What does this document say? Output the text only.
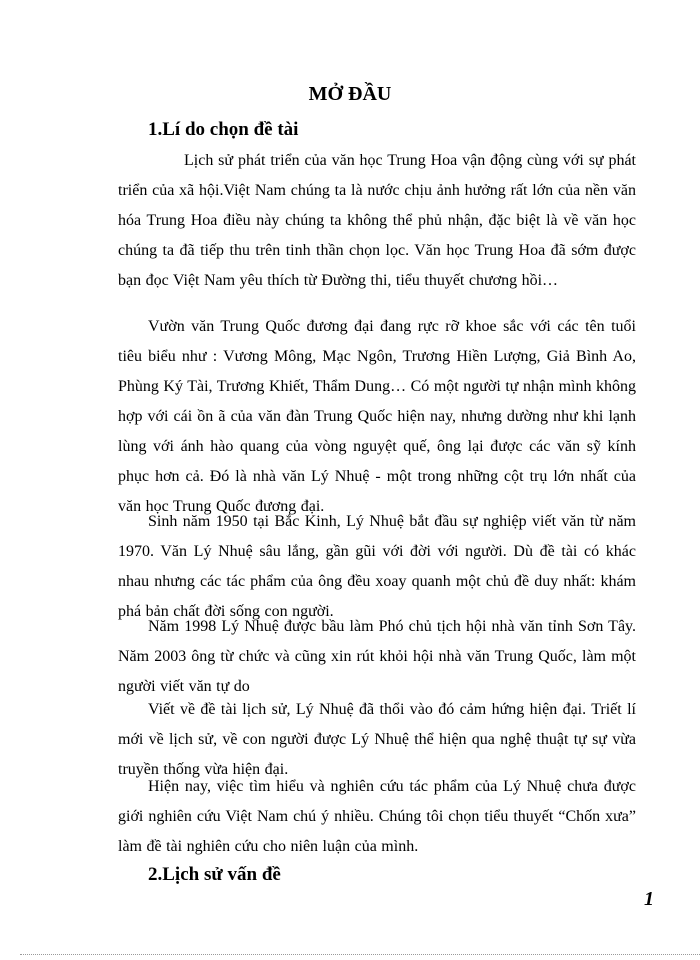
MỞ ĐẦU
1.Lí do chọn đề tài

Lịch sử phát triển của văn học Trung Hoa vận động cùng với sự phát triển của xã hội.Việt Nam chúng ta là nước chịu ảnh hưởng rất lớn của nền văn hóa Trung Hoa điều này chúng ta không thể phủ nhận, đặc biệt là về văn học chúng ta đã tiếp thu trên tinh thần chọn lọc. Văn học Trung Hoa đã sớm được bạn đọc Việt Nam yêu thích từ Đường thi, tiểu thuyết chương hồi…

Vườn văn Trung Quốc đương đại đang rực rỡ khoe sắc với các tên tuổi tiêu biểu như : Vương Mông, Mạc Ngôn, Trương Hiền Lượng, Giả Bình Ao, Phùng Ký Tài, Trương Khiết, Thẩm Dung… Có một người tự nhận mình không hợp với cái ồn ã của văn đàn Trung Quốc hiện nay, nhưng dường như khi lạnh lùng với ánh hào quang của vòng nguyệt quế, ông lại được các văn sỹ kính phục hơn cả. Đó là nhà văn Lý Nhuệ - một trong những cột trụ lớn nhất của văn học Trung Quốc đương đại.

Sinh năm 1950 tại Bắc Kinh, Lý Nhuệ bắt đầu sự nghiệp viết văn từ năm 1970. Văn Lý Nhuệ sâu lắng, gần gũi với đời với người. Dù đề tài có khác nhau nhưng các tác phẩm của ông đều xoay quanh một chủ đề duy nhất: khám phá bản chất đời sống con người.

Năm 1998 Lý Nhuệ được bầu làm Phó chủ tịch hội nhà văn tỉnh Sơn Tây. Năm 2003 ông từ chức và cũng xin rút khỏi hội nhà văn Trung Quốc, làm một người viết văn tự do

Viết về đề tài lịch sử, Lý Nhuệ đã thổi vào đó cảm hứng hiện đại. Triết lí mới về lịch sử, về con người được Lý Nhuệ thể hiện qua nghệ thuật tự sự vừa truyền thống vừa hiện đại.

Hiện nay, việc tìm hiểu và nghiên cứu tác phẩm của Lý Nhuệ chưa được giới nghiên cứu Việt Nam chú ý nhiều. Chúng tôi chọn tiểu thuyết “Chốn xưa” làm đề tài nghiên cứu cho niên luận của mình.

2.Lịch sử vấn đề
1
